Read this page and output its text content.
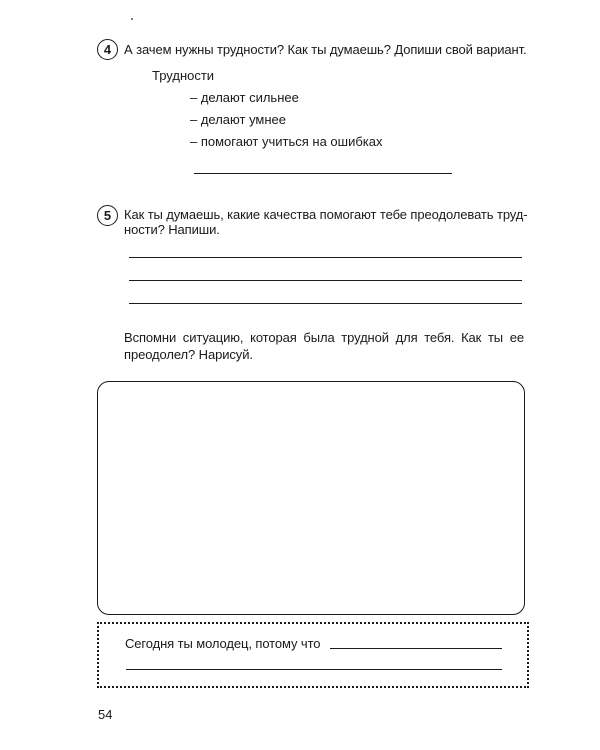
4 А зачем нужны трудности? Как ты думаешь? Допиши свой вариант.
Трудности
– делают сильнее
– делают умнее
– помогают учиться на ошибках
5 Как ты думаешь, какие качества помогают тебе преодолевать труд-
ности? Напиши.
Вспомни ситуацию, которая была трудной для тебя. Как ты ее
преодолел? Нарисуй.
Сегодня ты молодец, потому что
54
